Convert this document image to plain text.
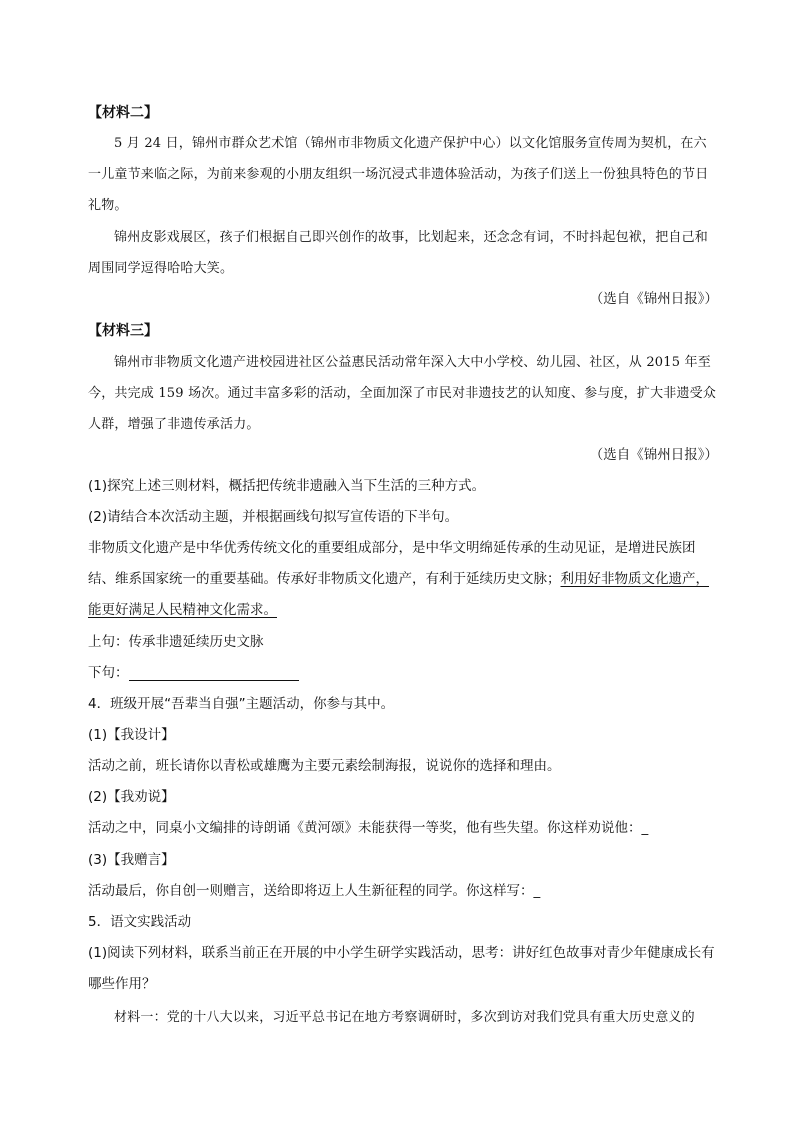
【材料二】
5 月 24 日，锦州市群众艺术馆（锦州市非物质文化遗产保护中心）以文化馆服务宣传周为契机，在六一儿童节来临之际，为前来参观的小朋友组织一场沉浸式非遗体验活动，为孩子们送上一份独具特色的节日礼物。
锦州皮影戏展区，孩子们根据自己即兴创作的故事，比划起来，还念念有词，不时抖起包袱，把自己和周围同学逗得哈哈大笑。
（选自《锦州日报》）
【材料三】
锦州市非物质文化遗产进校园进社区公益惠民活动常年深入大中小学校、幼儿园、社区，从 2015 年至今，共完成 159 场次。通过丰富多彩的活动，全面加深了市民对非遗技艺的认知度、参与度，扩大非遗受众人群，增强了非遗传承活力。
（选自《锦州日报》）
(1)探究上述三则材料，概括把传统非遗融入当下生活的三种方式。
(2)请结合本次活动主题，并根据画线句拟写宣传语的下半句。
非物质文化遗产是中华优秀传统文化的重要组成部分，是中华文明绵延传承的生动见证，是增进民族团结、维系国家统一的重要基础。传承好非物质文化遗产，有利于延续历史文脉；利用好非物质文化遗产，能更好满足人民精神文化需求。
上句：传承非遗延续历史文脉
下句：
4．班级开展“吾辈当自强”主题活动，你参与其中。
(1)【我设计】
活动之前，班长请你以青松或雄鹰为主要元素绘制海报，说说你的选择和理由。
(2)【我劝说】
活动之中，同桌小文编排的诗朗诵《黄河颂》未能获得一等奖，他有些失望。你这样劝说他：_
(3)【我赠言】
活动最后，你自创一则赠言，送给即将迈上人生新征程的同学。你这样写：_
5．语文实践活动
(1)阅读下列材料，联系当前正在开展的中小学生研学实践活动，思考：讲好红色故事对青少年健康成长有哪些作用？
材料一：党的十八大以来，习近平总书记在地方考察调研时，多次到访对我们党具有重大历史意义的
